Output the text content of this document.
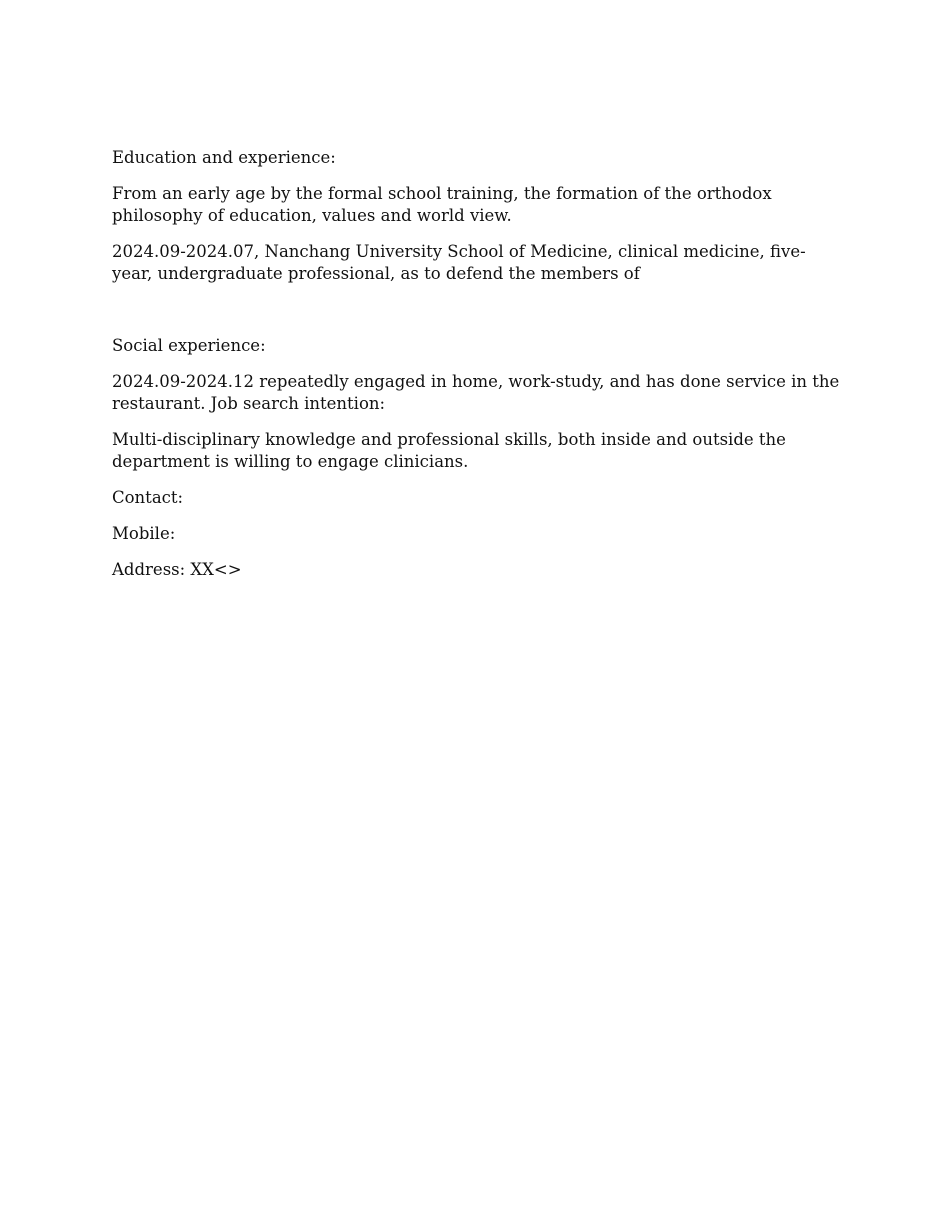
Education and experience:

From an early age by the formal school training, the formation of the orthodox philosophy of education, values and world view.

2024.09-2024.07, Nanchang University School of Medicine, clinical medicine, five-year, undergraduate professional, as to defend the members of

Social experience:

2024.09-2024.12 repeatedly engaged in home, work-study, and has done service in the restaurant. Job search intention:

Multi-disciplinary knowledge and professional skills, both inside and outside the department is willing to engage clinicians.

Contact:

Mobile:

Address: XX<>
